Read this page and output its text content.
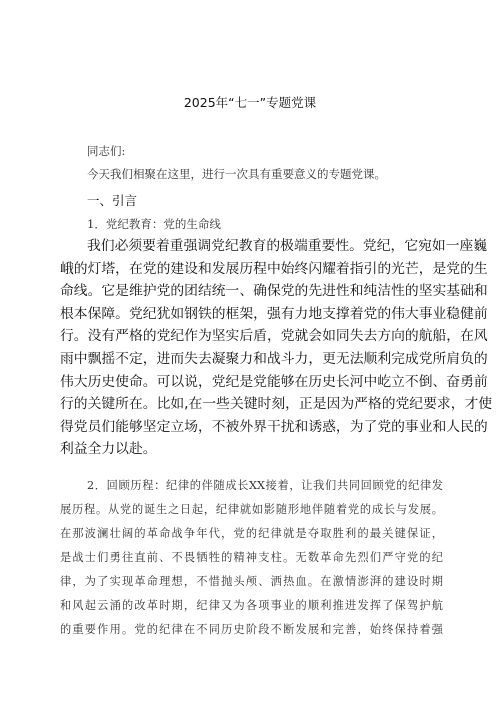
2025年“七一”专题党课
同志们:
今天我们相聚在这里，进行一次具有重要意义的专题党课。
一、引言
1．党纪教育：党的生命线
我们必须要着重强调党纪教育的极端重要性。党纪，它宛如一座巍
峨的灯塔，在党的建设和发展历程中始终闪耀着指引的光芒，是党的生
命线。它是维护党的团结统一、确保党的先进性和纯洁性的坚实基础和
根本保障。党纪犹如钢铁的框架，强有力地支撑着党的伟大事业稳健前
行。没有严格的党纪作为坚实后盾，党就会如同失去方向的航船，在风
雨中飘摇不定，进而失去凝聚力和战斗力，更无法顺利完成党所肩负的
伟大历史使命。可以说，党纪是党能够在历史长河中屹立不倒、奋勇前
行的关键所在。比如,在一些关键时刻，正是因为严格的党纪要求，才使
得党员们能够坚定立场，不被外界干扰和诱惑，为了党的事业和人民的
利益全力以赴。
2．回顾历程：纪律的伴随成长XX接着，让我们共同回顾党的纪律发
展历程。从党的诞生之日起，纪律就如影随形地伴随着党的成长与发展。
在那波澜壮阔的革命战争年代，党的纪律就是夺取胜利的最关键保证，
是战士们勇往直前、不畏牺牲的精神支柱。无数革命先烈们严守党的纪
律，为了实现革命理想，不惜抛头颅、洒热血。在激情澎湃的建设时期
和风起云涌的改革时期，纪律又为各项事业的顺利推进发挥了保驾护航
的重要作用。党的纪律在不同历史阶段不断发展和完善，始终保持着强
